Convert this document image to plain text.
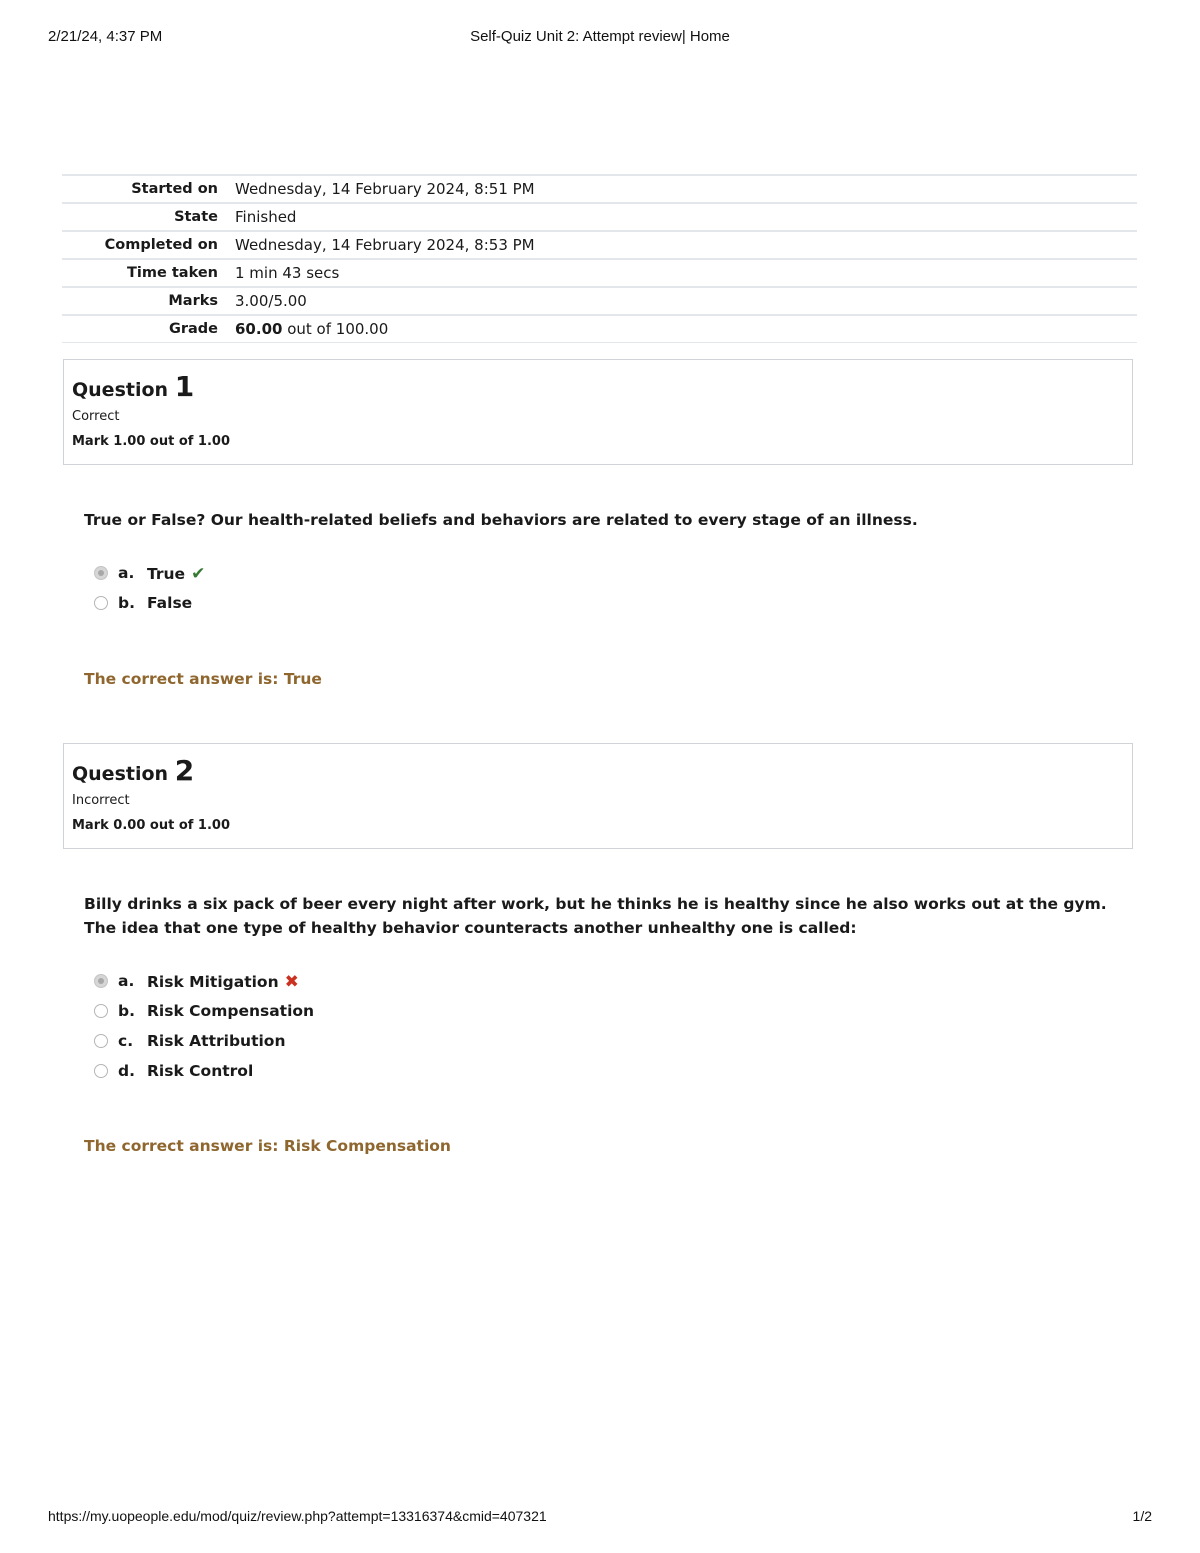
2/21/24, 4:37 PM	Self-Quiz Unit 2: Attempt review| Home
Started on	Wednesday, 14 February 2024, 8:51 PM
State	Finished
Completed on	Wednesday, 14 February 2024, 8:53 PM
Time taken	1 min 43 secs
Marks	3.00/5.00
Grade	60.00 out of 100.00
Question 1
Correct
Mark 1.00 out of 1.00
True or False? Our health-related beliefs and behaviors are related to every stage of an illness.
a. True ✔
b. False
The correct answer is: True
Question 2
Incorrect
Mark 0.00 out of 1.00
Billy drinks a six pack of beer every night after work, but he thinks he is healthy since he also works out at the gym. The idea that one type of healthy behavior counteracts another unhealthy one is called:
a. Risk Mitigation ✖
b. Risk Compensation
c. Risk Attribution
d. Risk Control
The correct answer is: Risk Compensation
https://my.uopeople.edu/mod/quiz/review.php?attempt=13316374&cmid=407321	1/2
